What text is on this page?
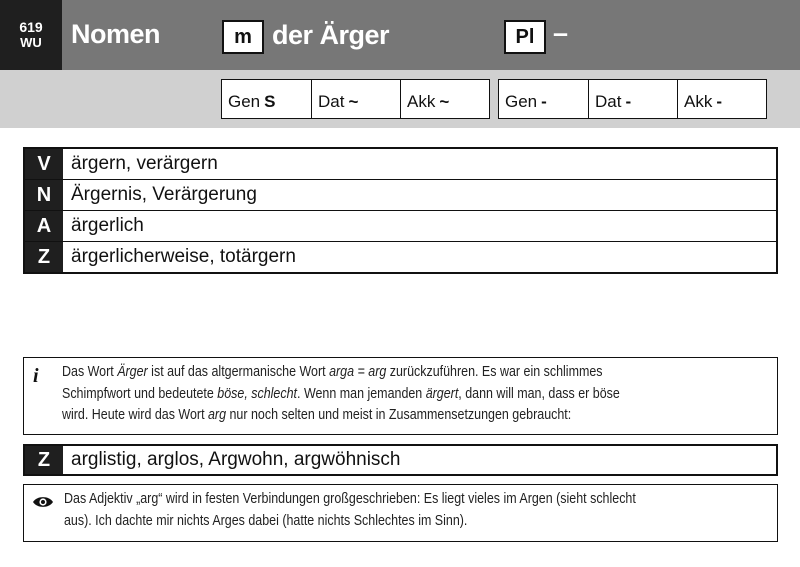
619
WU	Nomen	m der Ärger	Pl –
Gen S	Dat ~	Akk ~	Gen -	Dat -	Akk -
V	ärgern, verärgern
N	Ärgernis, Verärgerung
A	ärgerlich
Z	ärgerlicherweise, totärgern
i Das Wort Ärger ist auf das altgermanische Wort arga = arg zurückzuführen. Es war ein schlimmes
Schimpfwort und bedeutete böse, schlecht. Wenn man jemanden ärgert, dann will man, dass er böse
wird. Heute wird das Wort arg nur noch selten und meist in Zusammensetzungen gebraucht:
Z	arglistig, arglos, Argwohn, argwöhnisch
Das Adjektiv „arg“ wird in festen Verbindungen großgeschrieben: Es liegt vieles im Argen (sieht schlecht
aus). Ich dachte mir nichts Arges dabei (hatte nichts Schlechtes im Sinn).
